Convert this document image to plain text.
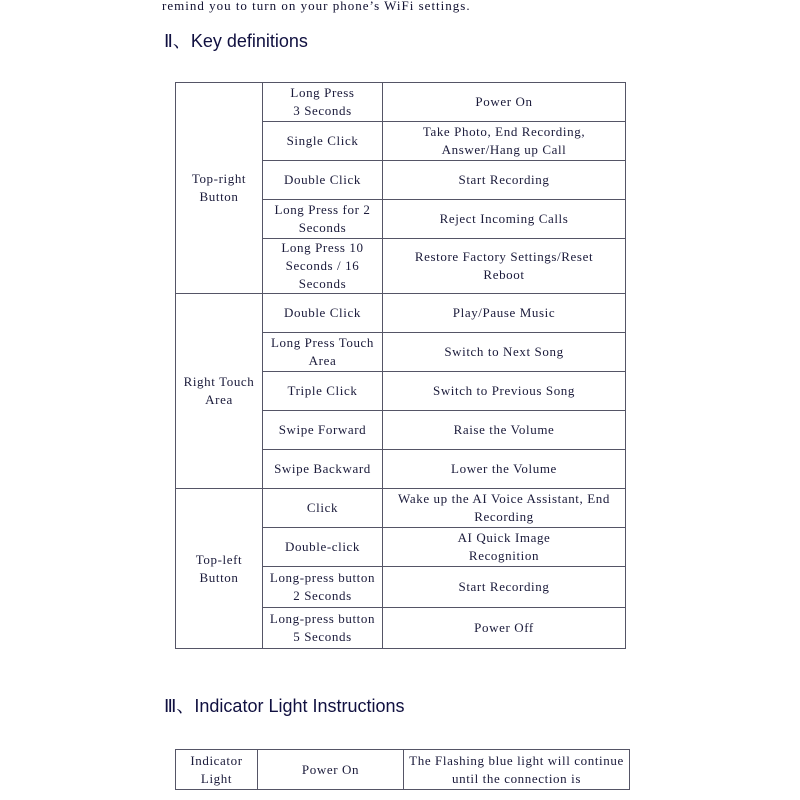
remind you to turn on your phone’s WiFi settings.
Ⅱ、Key definitions
Top-right Button	Long Press 3 Seconds	Power On
	Single Click	Take Photo, End Recording, Answer/Hang up Call
	Double Click	Start Recording
	Long Press for 2 Seconds	Reject Incoming Calls
	Long Press 10 Seconds / 16 Seconds	Restore Factory Settings/Reset Reboot
Right Touch Area	Double Click	Play/Pause Music
	Long Press Touch Area	Switch to Next Song
	Triple Click	Switch to Previous Song
	Swipe Forward	Raise the Volume
	Swipe Backward	Lower the Volume
Top-left Button	Click	Wake up the AI Voice Assistant, End Recording
	Double-click	AI Quick Image Recognition
	Long-press button 2 Seconds	Start Recording
	Long-press button 5 Seconds	Power Off
Ⅲ、Indicator Light Instructions
Indicator Light	Power On	The Flashing blue light will continue until the connection is
